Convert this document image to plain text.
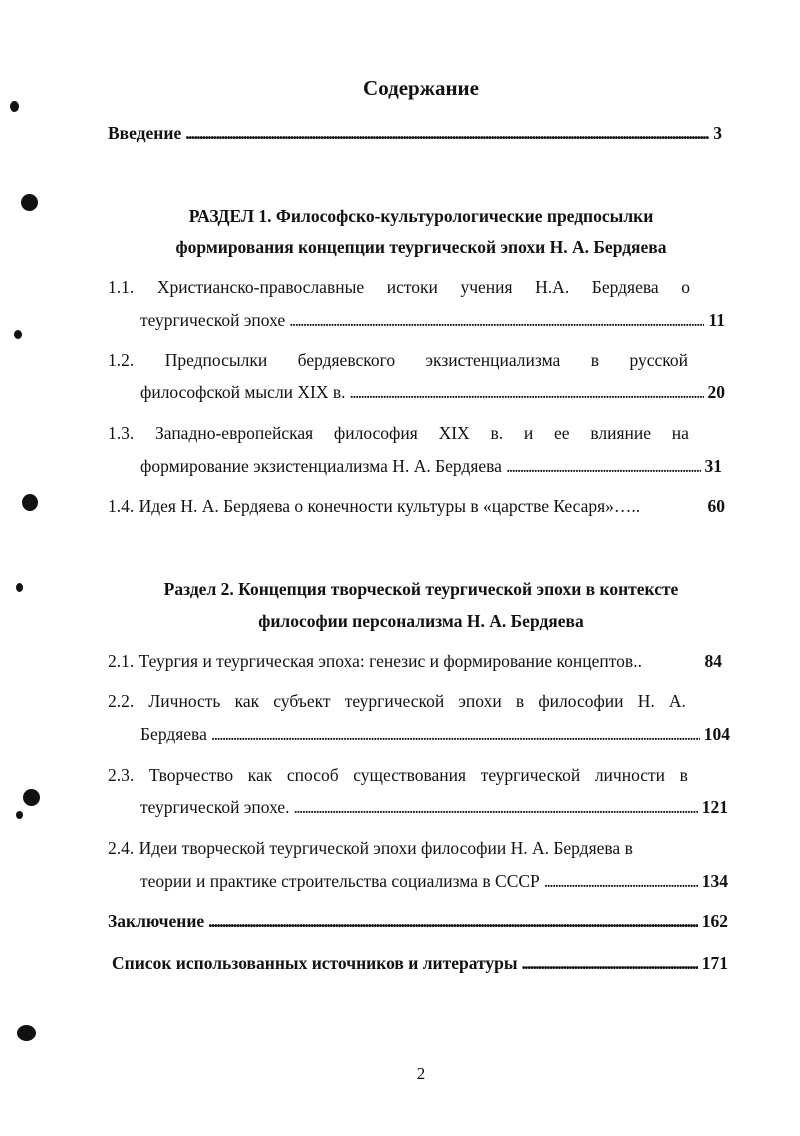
Содержание
Введение . . .	3
РАЗДЕЛ 1. Философско-культурологические предпосылки
формирования концепции теургической эпохи Н. А. Бердяева
1.1. Христианско-православные истоки учения Н.А. Бердяева о
теургической эпохе . . .	11
1.2. Предпосылки бердяевского экзистенциализма в русской
философской мысли XIX в. . . .	20
1.3. Западно-европейская философия XIX в. и ее влияние на
формирование экзистенциализма Н. А. Бердяева . . .	31
1.4. Идея Н. А. Бердяева о конечности культуры в «царстве Кесаря»…..	60
Раздел 2. Концепция творческой теургической эпохи в контексте
философии персонализма Н. А. Бердяева
2.1. Теургия и теургическая эпоха: генезис и формирование концептов..	84
2.2. Личность как субъект теургической эпохи в философии Н. А.
Бердяева . . .	104
2.3. Творчество как способ существования теургической личности в
теургической эпохе. . . .	121
2.4. Идеи творческой теургической эпохи философии Н. А. Бердяева в
теории и практике строительства социализма в СССР . . .	134
Заключение . . .	162
Список использованных источников и литературы . . .	171
2
